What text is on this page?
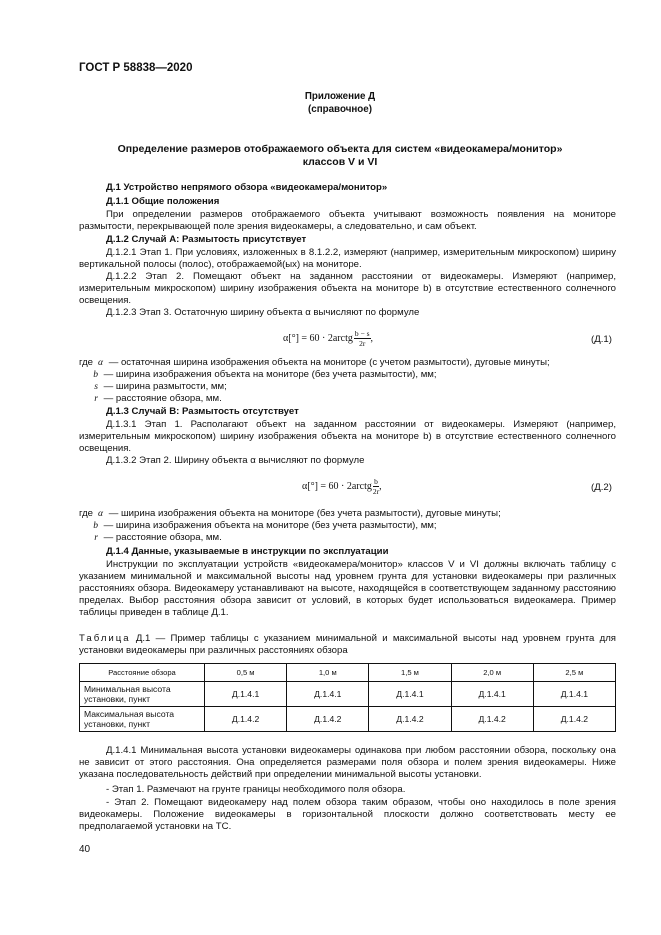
ГОСТ Р 58838—2020
Приложение Д
(справочное)
Определение размеров отображаемого объекта для систем «видеокамера/монитор»
классов V и VI
Д.1 Устройство непрямого обзора «видеокамера/монитор»
Д.1.1 Общие положения
При определении размеров отображаемого объекта учитывают возможность появления на мониторе размытости, перекрывающей поле зрения видеокамеры, а следовательно, и сам объект.
Д.1.2 Случай А: Размытость присутствует
Д.1.2.1 Этап 1. При условиях, изложенных в 8.1.2.2, измеряют (например, измерительным микроскопом) ширину вертикальной полосы (полос), отображаемой(ых) на мониторе.
Д.1.2.2 Этап 2. Помещают объект на заданном расстоянии от видеокамеры. Измеряют (например, измерительным микроскопом) ширину изображения объекта на мониторе b) в отсутствие естественного солнечного освещения.
Д.1.2.3 Этап 3. Остаточную ширину объекта α вычисляют по формуле
α[°] = 60 · 2arctg $\frac{b - s}{2r}$ ,	(Д.1)
где α — остаточная ширина изображения объекта на мониторе (с учетом размытости), дуговые минуты;
b — ширина изображения объекта на мониторе (без учета размытости), мм;
s — ширина размытости, мм;
r — расстояние обзора, мм.
Д.1.3 Случай В: Размытость отсутствует
Д.1.3.1 Этап 1. Располагают объект на заданном расстоянии от видеокамеры. Измеряют (например, измерительным микроскопом) ширину изображения объекта на мониторе b) в отсутствие естественного солнечного освещения.
Д.1.3.2 Этап 2. Ширину объекта α вычисляют по формуле
α[°] = 60 · 2arctg $\frac{b}{2r}$ ,	(Д.2)
где α — ширина изображения объекта на мониторе (без учета размытости), дуговые минуты;
b — ширина изображения объекта на мониторе (без учета размытости), мм;
r — расстояние обзора, мм.
Д.1.4 Данные, указываемые в инструкции по эксплуатации
Инструкции по эксплуатации устройств «видеокамера/монитор» классов V и VI должны включать таблицу с указанием минимальной и максимальной высоты над уровнем грунта для установки видеокамеры при различных расстояниях обзора. Видеокамеру устанавливают на высоте, находящейся в соответствующем заданному расстоянию пределах. Выбор расстояния обзора зависит от условий, в которых будет использоваться видеокамера. Пример таблицы приведен в таблице Д.1.
Таблица Д.1 — Пример таблицы с указанием минимальной и максимальной высоты над уровнем грунта для установки видеокамеры при различных расстояниях обзора
Расстояние обзора	0,5 м	1,0 м	1,5 м	2,0 м	2,5 м
Минимальная высота установки, пункт	Д.1.4.1	Д.1.4.1	Д.1.4.1	Д.1.4.1	Д.1.4.1
Максимальная высота установки, пункт	Д.1.4.2	Д.1.4.2	Д.1.4.2	Д.1.4.2	Д.1.4.2
Д.1.4.1 Минимальная высота установки видеокамеры одинакова при любом расстоянии обзора, поскольку она не зависит от этого расстояния. Она определяется размерами поля обзора и полем зрения видеокамеры. Ниже указана последовательность действий при определении минимальной высоты установки.
- Этап 1. Размечают на грунте границы необходимого поля обзора.
- Этап 2. Помещают видеокамеру над полем обзора таким образом, чтобы оно находилось в поле зрения видеокамеры. Положение видеокамеры в горизонтальной плоскости должно соответствовать месту ее предполагаемой установки на ТС.
40
